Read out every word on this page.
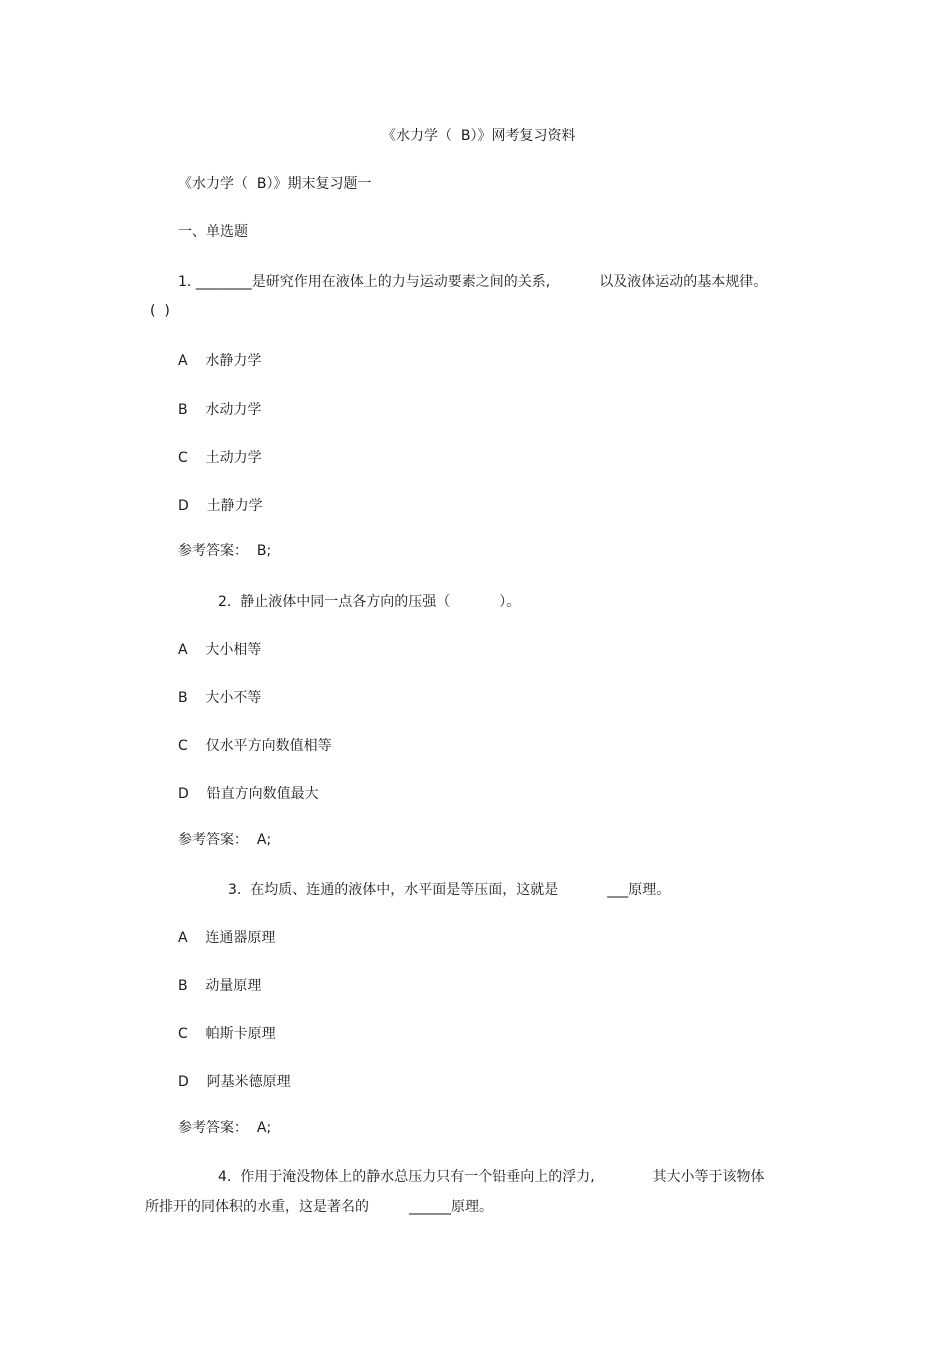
《水力学（  B）》网考复习资料
《水力学（  B）》期末复习题一
一、单选题
1. ________是研究作用在液体上的力与运动要素之间的关系,           以及液体运动的基本规律。
(  )
A    水静力学
B    水动力学
C    土动力学
D    土静力学
参考答案：  B;
2.  静止液体中同一点各方向的压强（           ）。
A    大小相等
B    大小不等
C    仅水平方向数值相等
D    铅直方向数值最大
参考答案：  A;
3.  在均质、连通的液体中，水平面是等压面，这就是           ___原理。
A    连通器原理
B    动量原理
C    帕斯卡原理
D    阿基米德原理
参考答案：  A;
4.  作用于淹没物体上的静水总压力只有一个铅垂向上的浮力,             其大小等于该物体
所排开的同体积的水重，这是著名的         ______原理。
